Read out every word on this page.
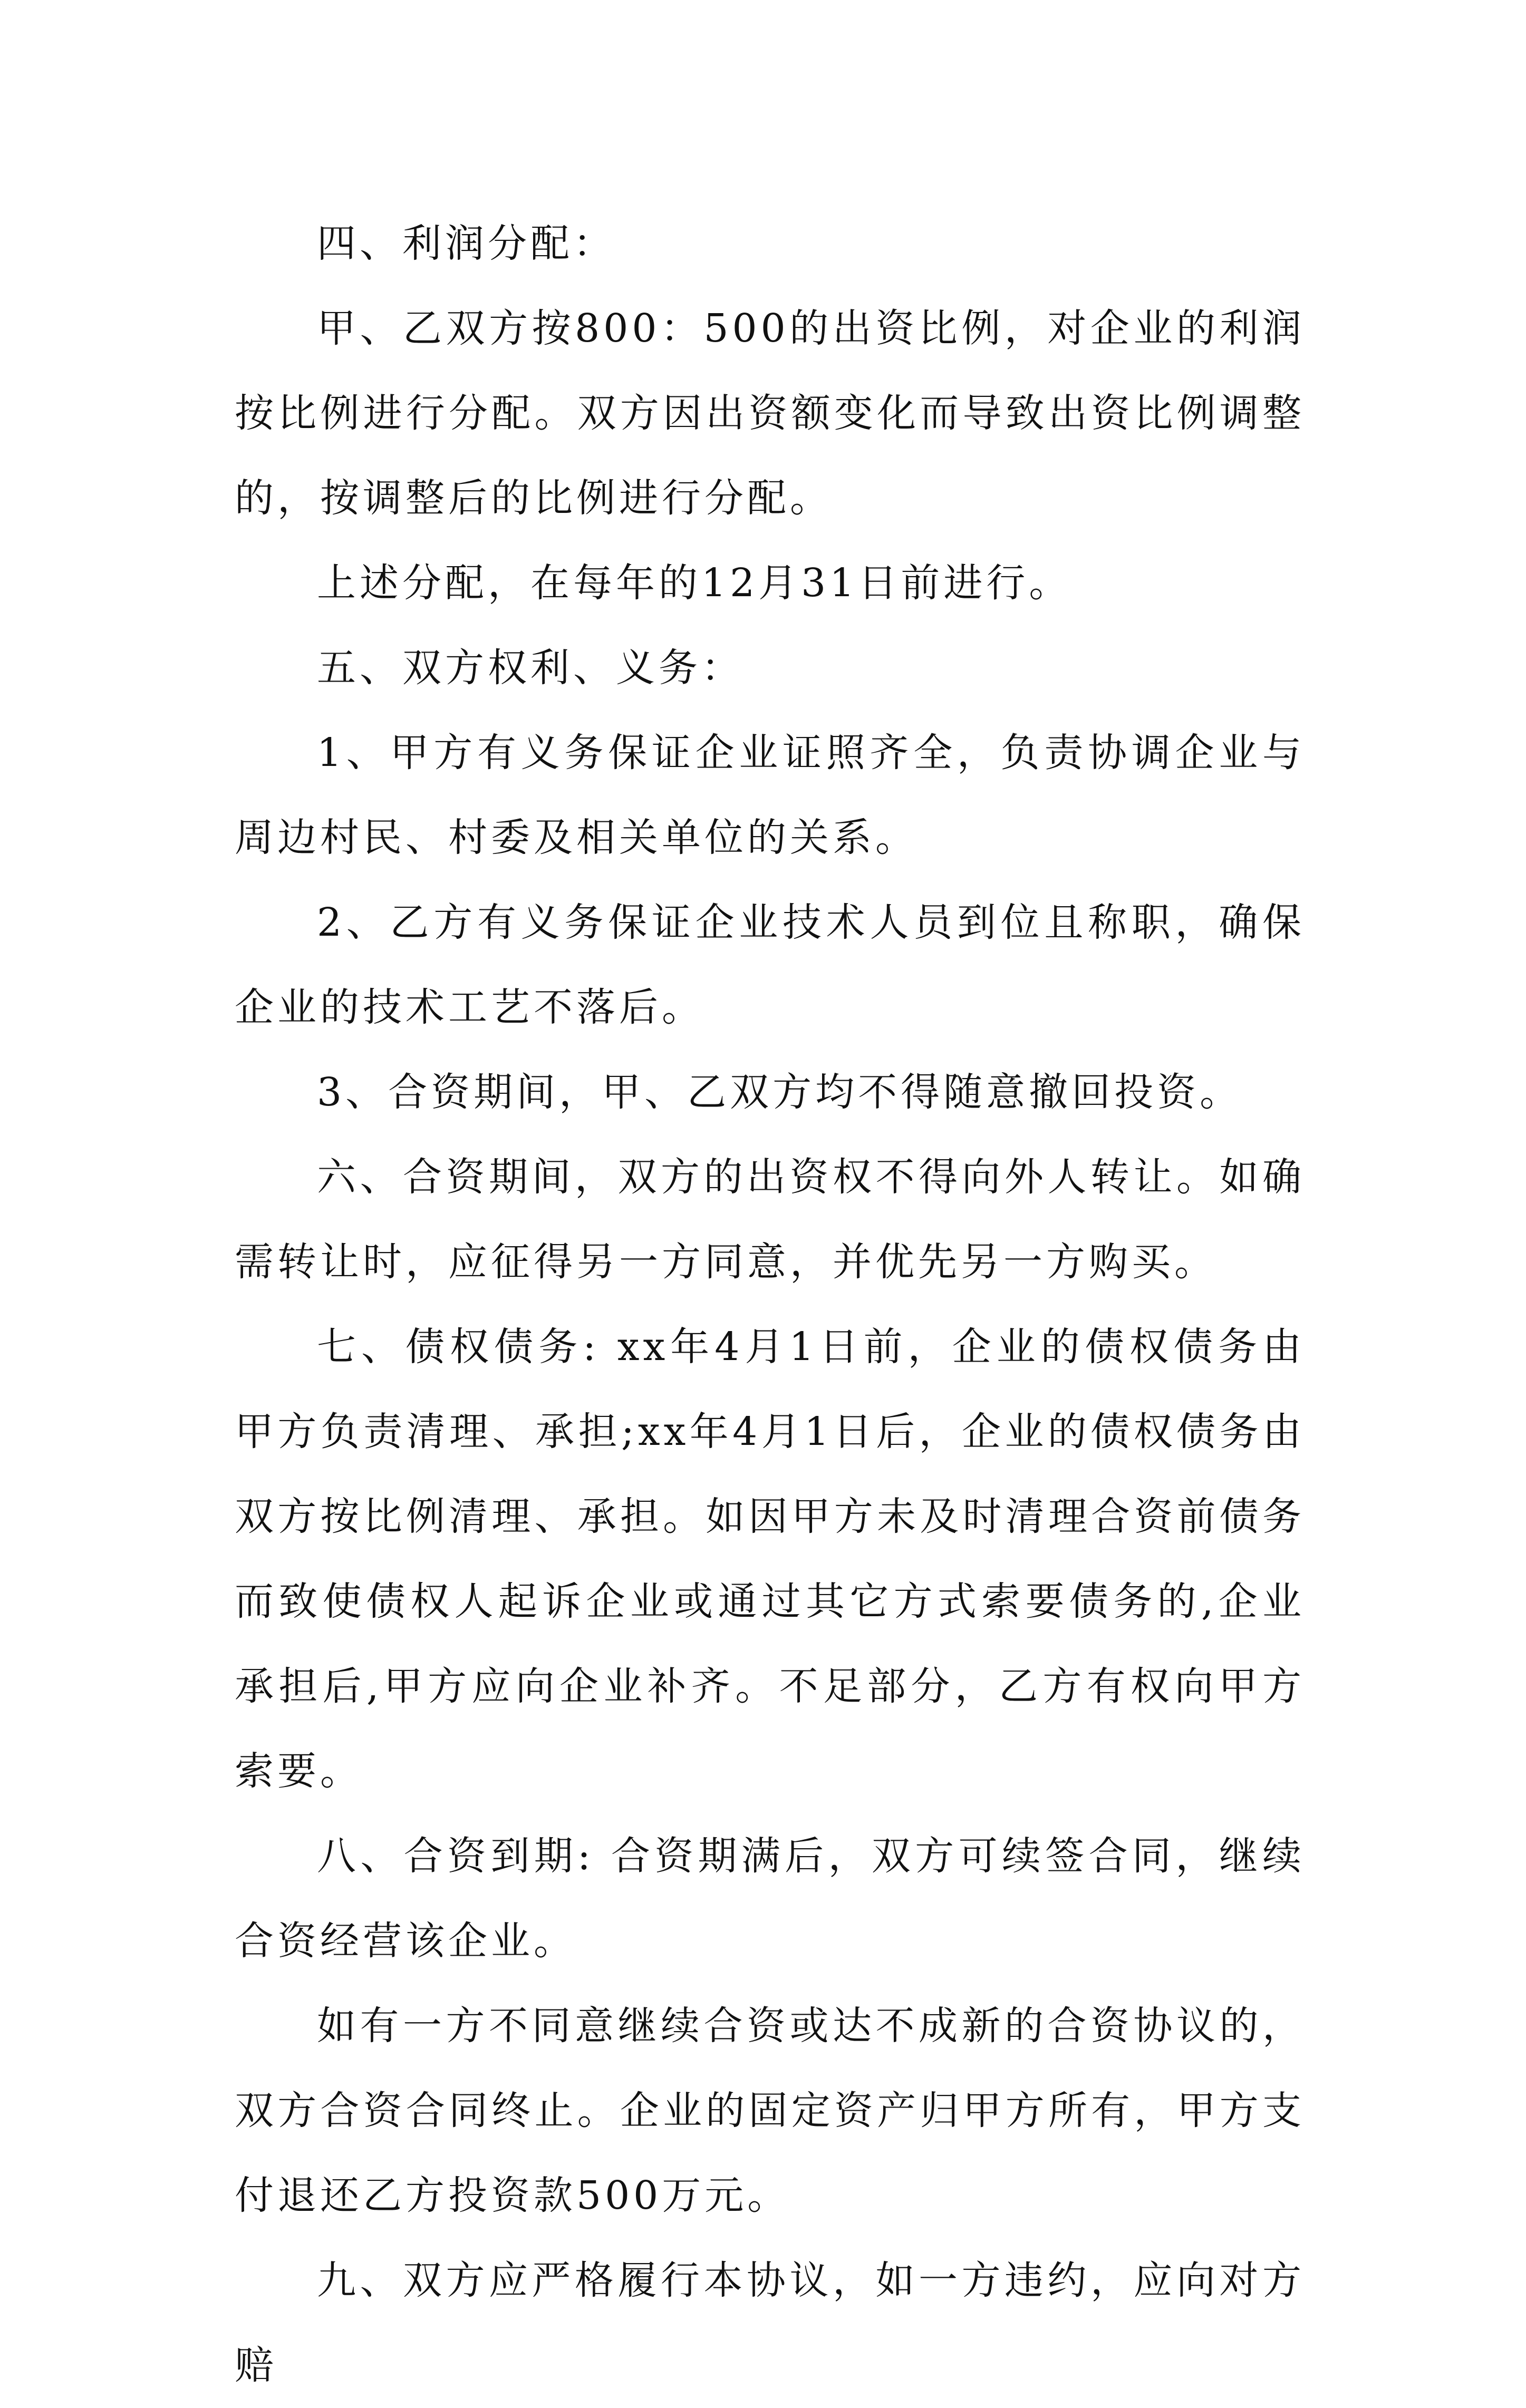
四、利润分配：

甲、乙双方按800：500的出资比例，对企业的利润按比例进行分配。双方因出资额变化而导致出资比例调整的，按调整后的比例进行分配。

上述分配，在每年的12月31日前进行。

五、双方权利、义务：

1、甲方有义务保证企业证照齐全，负责协调企业与周边村民、村委及相关单位的关系。

2、乙方有义务保证企业技术人员到位且称职，确保企业的技术工艺不落后。

3、合资期间，甲、乙双方均不得随意撤回投资。

六、合资期间，双方的出资权不得向外人转让。如确需转让时，应征得另一方同意，并优先另一方购买。

七、债权债务: xx年4月1日前，企业的债权债务由甲方负责清理、承担;xx年4月1日后，企业的债权债务由双方按比例清理、承担。如因甲方未及时清理合资前债务而致使债权人起诉企业或通过其它方式索要债务的,企业承担后,甲方应向企业补齐。不足部分，乙方有权向甲方索要。

八、合资到期: 合资期满后，双方可续签合同，继续合资经营该企业。

如有一方不同意继续合资或达不成新的合资协议的，双方合资合同终止。企业的固定资产归甲方所有，甲方支付退还乙方投资款500万元。

九、双方应严格履行本协议，如一方违约，应向对方赔
